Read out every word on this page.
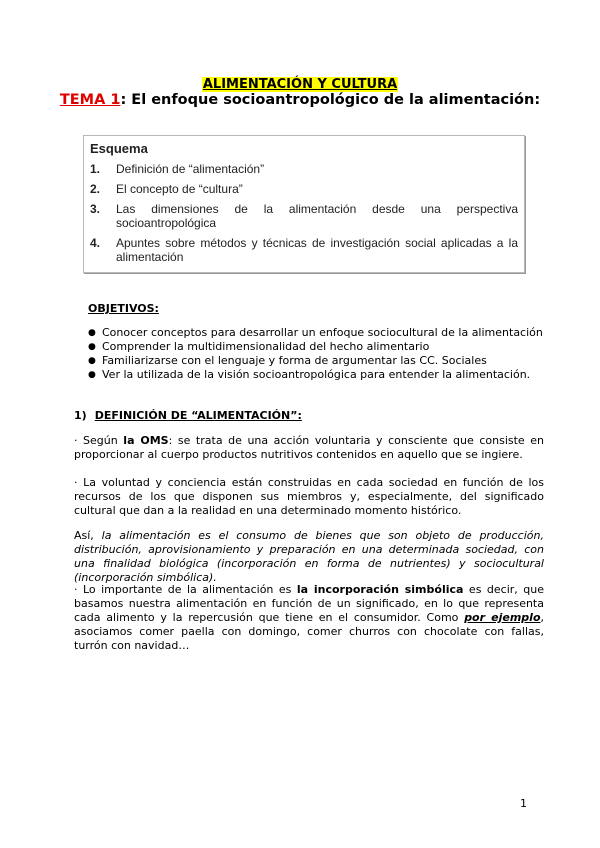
ALIMENTACIÓN Y CULTURA
TEMA 1: El enfoque socioantropológico de la alimentación:
Esquema
1.	Definición de “alimentación”
2.	El concepto de “cultura”
3.	Las dimensiones de la alimentación desde una perspectiva socioantropológica
4.	Apuntes sobre métodos y técnicas de investigación social aplicadas a la alimentación
OBJETIVOS:
● Conocer conceptos para desarrollar un enfoque sociocultural de la alimentación
● Comprender la multidimensionalidad del hecho alimentario
● Familiarizarse con el lenguaje y forma de argumentar las CC. Sociales
● Ver la utilizada de la visión socioantropológica para entender la alimentación.
1) DEFINICIÓN DE “ALIMENTACIÓN”:

· Según la OMS: se trata de una acción voluntaria y consciente que consiste en proporcionar al cuerpo productos nutritivos contenidos en aquello que se ingiere.

· La voluntad y conciencia están construidas en cada sociedad en función de los recursos de los que disponen sus miembros y, especialmente, del significado cultural que dan a la realidad en una determinado momento histórico.

Así, la alimentación es el consumo de bienes que son objeto de producción, distribución, aprovisionamiento y preparación en una determinada sociedad, con una finalidad biológica (incorporación en forma de nutrientes) y sociocultural (incorporación simbólica).

· Lo importante de la alimentación es la incorporación simbólica es decir, que basamos nuestra alimentación en función de un significado, en lo que representa cada alimento y la repercusión que tiene en el consumidor. Como por ejemplo, asociamos comer paella con domingo, comer churros con chocolate con fallas, turrón con navidad…

1
